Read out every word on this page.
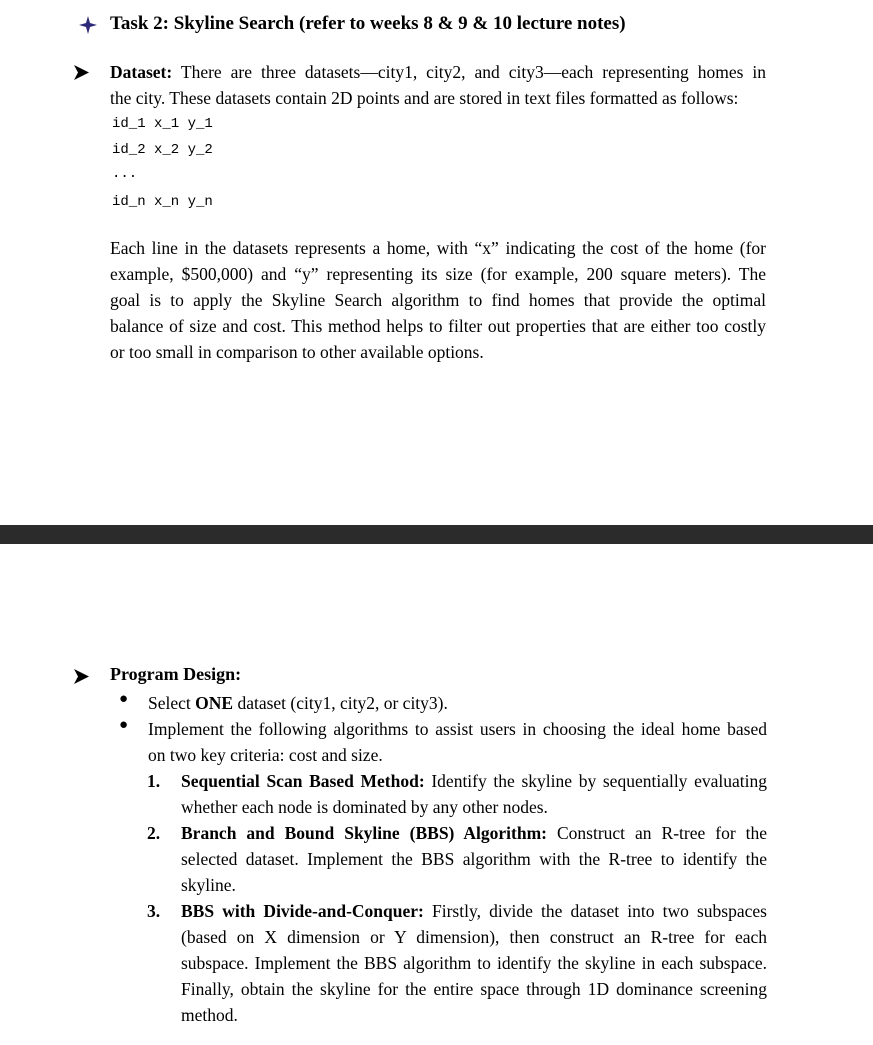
Task 2: Skyline Search (refer to weeks 8 & 9 & 10 lecture notes)
Dataset: There are three datasets—city1, city2, and city3—each representing homes in
the city. These datasets contain 2D points and are stored in text files formatted as follows:
id_1 x_1 y_1
id_2 x_2 y_2
...
id_n x_n y_n
Each line in the datasets represents a home, with “x” indicating the cost of the home (for
example, $500,000) and “y” representing its size (for example, 200 square meters). The
goal is to apply the Skyline Search algorithm to find homes that provide the optimal
balance of size and cost. This method helps to filter out properties that are either too costly
or too small in comparison to other available options.
Program Design:
● Select ONE dataset (city1, city2, or city3).
● Implement the following algorithms to assist users in choosing the ideal home based
on two key criteria: cost and size.
1. Sequential Scan Based Method: Identify the skyline by sequentially evaluating
whether each node is dominated by any other nodes.
2. Branch and Bound Skyline (BBS) Algorithm: Construct an R-tree for the
selected dataset. Implement the BBS algorithm with the R-tree to identify the
skyline.
3. BBS with Divide-and-Conquer: Firstly, divide the dataset into two subspaces
(based on X dimension or Y dimension), then construct an R-tree for each
subspace. Implement the BBS algorithm to identify the skyline in each subspace.
Finally, obtain the skyline for the entire space through 1D dominance screening
method.
